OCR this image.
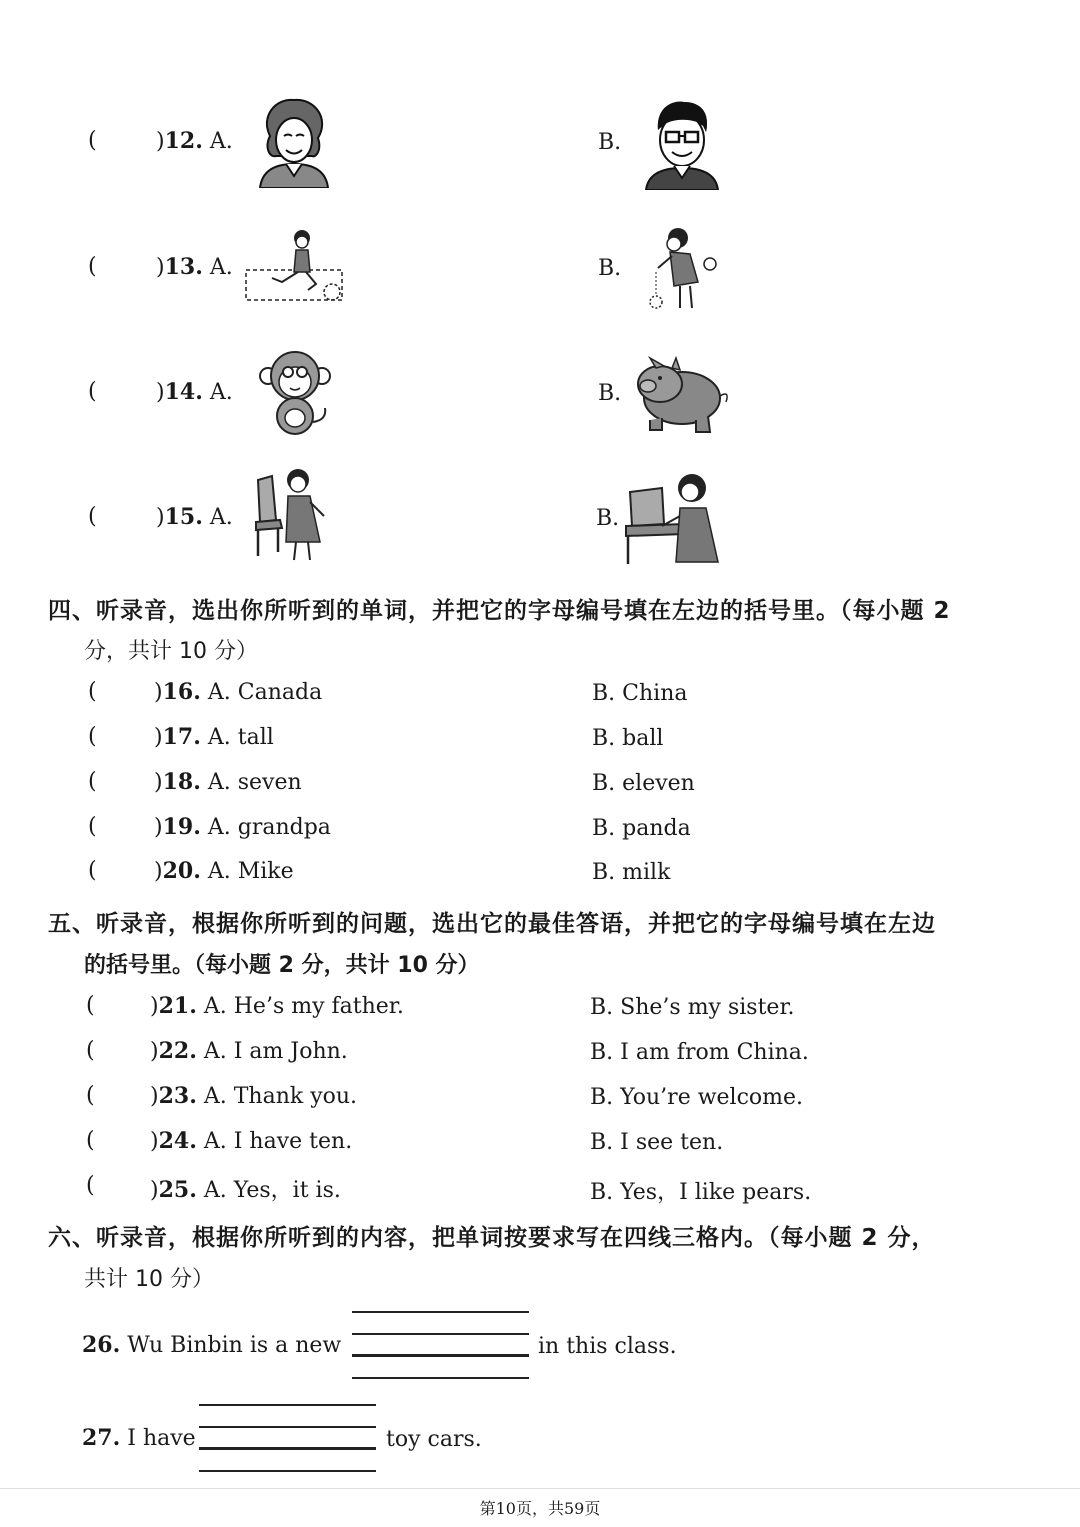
(	)12. A.	B.
(	)13. A.	B.
(	)14. A.	B.
(	)15. A.	B.
四、听录音，选出你所听到的单词，并把它的字母编号填在左边的括号里。（每小题 2
分，共计 10 分）
(	)16. A. Canada	B. China
(	)17. A. tall	B. ball
(	)18. A. seven	B. eleven
(	)19. A. grandpa	B. panda
(	)20. A. Mike	B. milk
五、听录音，根据你所听到的问题，选出它的最佳答语，并把它的字母编号填在左边
的括号里。（每小题 2 分，共计 10 分）
(	)21. A. He’s my father.	B. She’s my sister.
(	)22. A. I am John.	B. I am from China.
(	)23. A. Thank you.	B. You’re welcome.
(	)24. A. I have ten.	B. I see ten.
(	)25. A. Yes，it is.	B. Yes，I like pears.
六、听录音，根据你所听到的内容，把单词按要求写在四线三格内。（每小题 2 分，
共计 10 分）
26. Wu Binbin is a new	in this class.
27. I have	toy cars.
第10页，共59页
